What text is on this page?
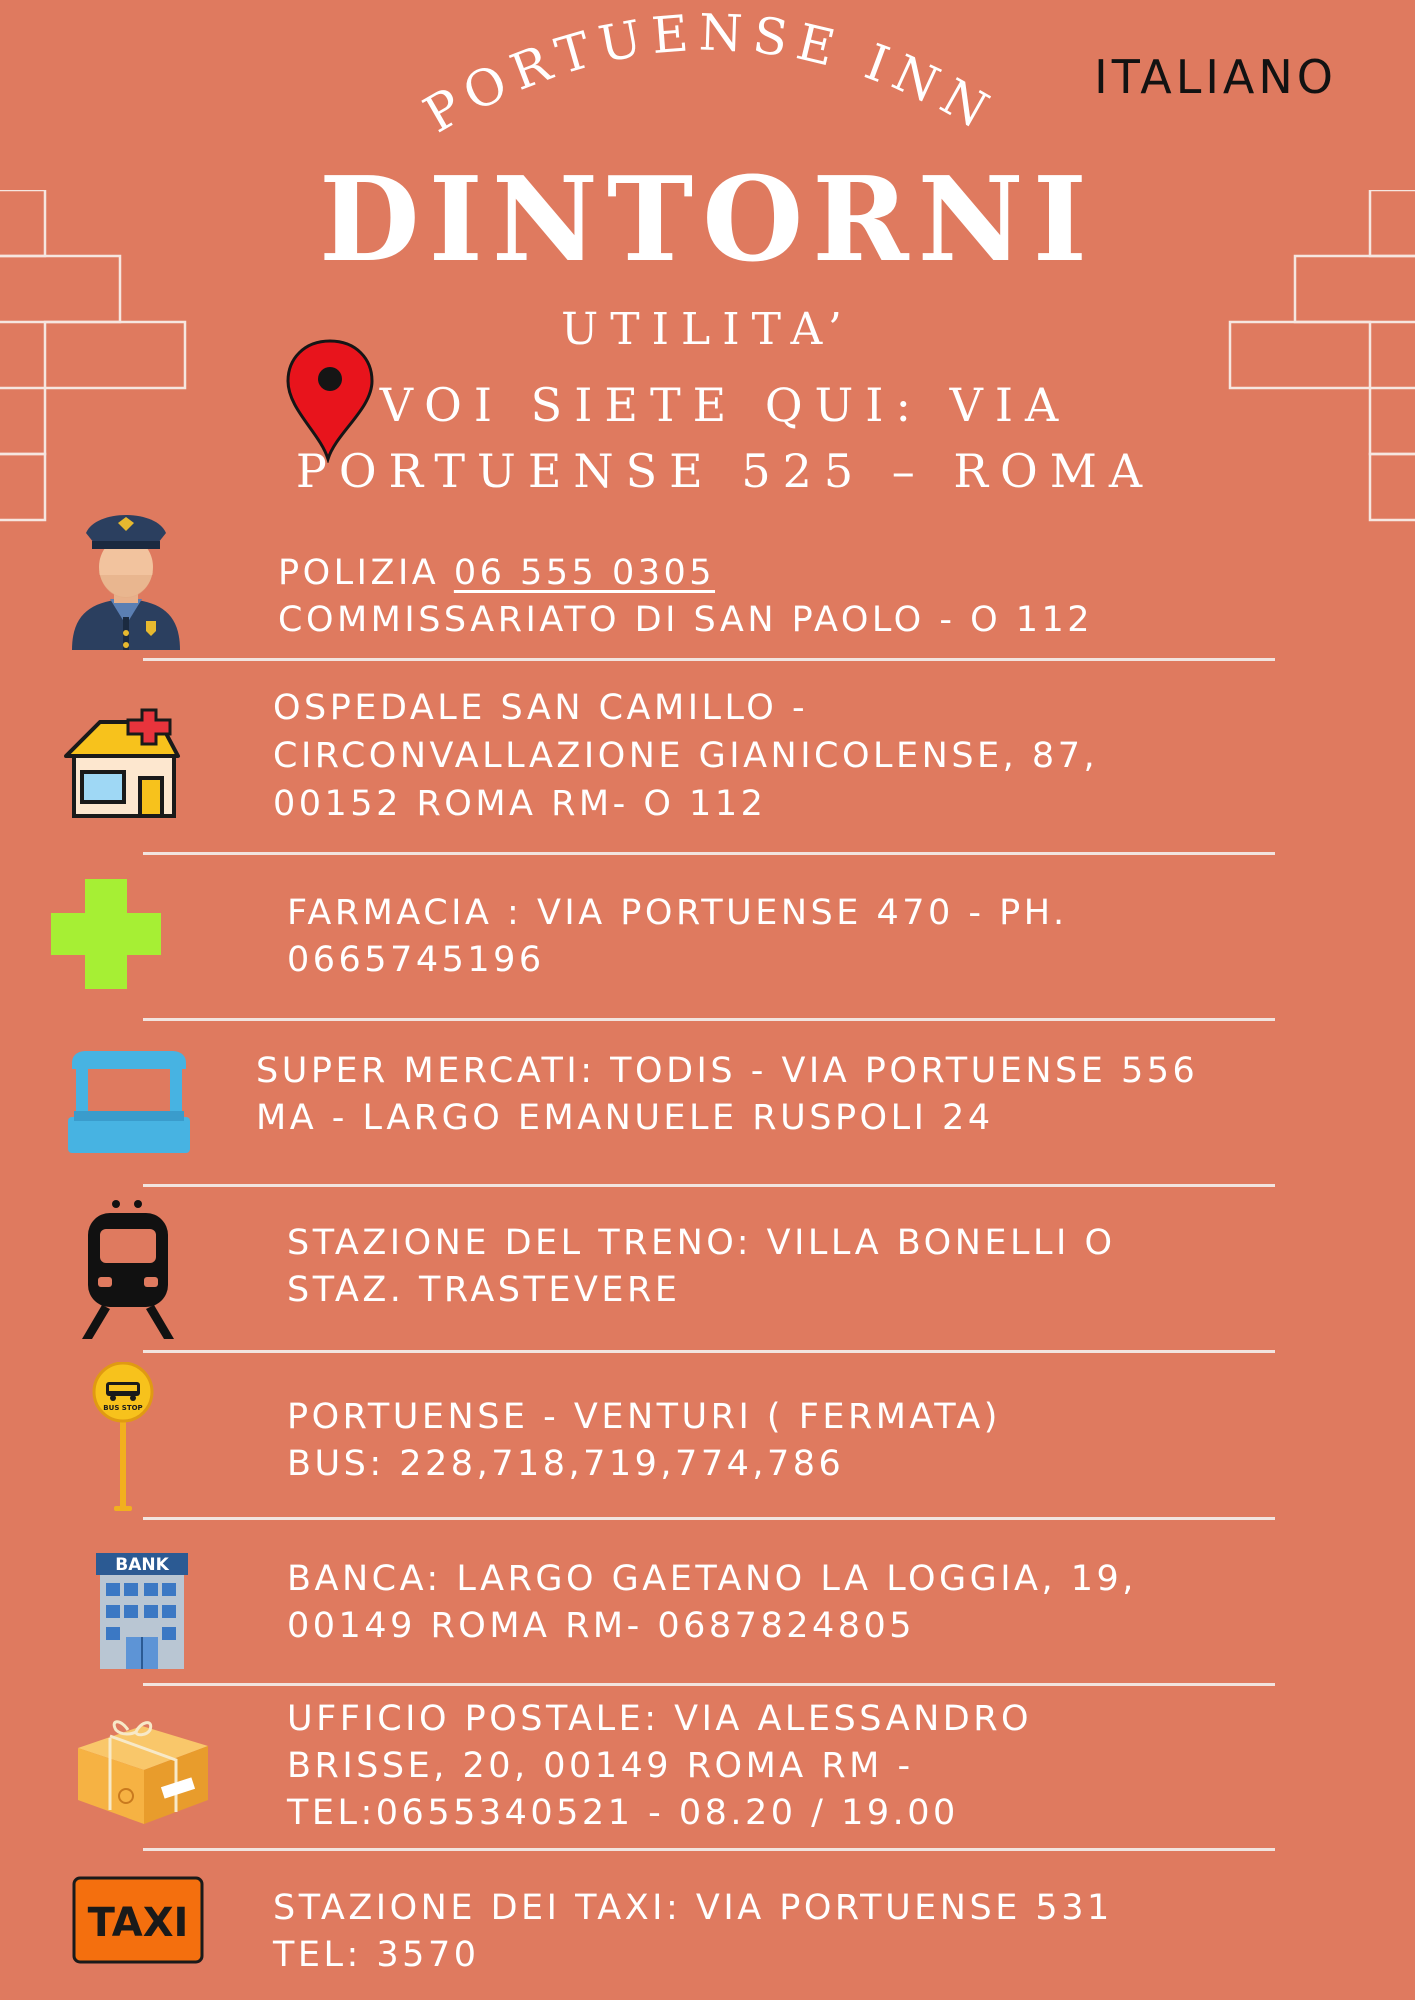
PORTUENSE INN ITALIANO
DINTORNI
UTILITA’
VOI SIETE QUI: VIA
PORTUENSE 525 – ROMA
POLIZIA 06 555 0305
COMMISSARIATO DI SAN PAOLO - O 112
OSPEDALE SAN CAMILLO -
CIRCONVALLAZIONE GIANICOLENSE, 87,
00152 ROMA RM- O 112
FARMACIA : VIA PORTUENSE 470 - PH.
0665745196
SUPER MERCATI: TODIS - VIA PORTUENSE 556
MA - LARGO EMANUELE RUSPOLI 24
STAZIONE DEL TRENO: VILLA BONELLI O
STAZ. TRASTEVERE
BUS STOP	PORTUENSE - VENTURI ( FERMATA)
BUS: 228,718,719,774,786
BANK	BANCA: LARGO GAETANO LA LOGGIA, 19,
00149 ROMA RM- 0687824805
UFFICIO POSTALE: VIA ALESSANDRO
BRISSE, 20, 00149 ROMA RM -
TEL:0655340521 - 08.20 / 19.00
TAXI STAZIONE DEI TAXI: VIA PORTUENSE 531
TEL: 3570
